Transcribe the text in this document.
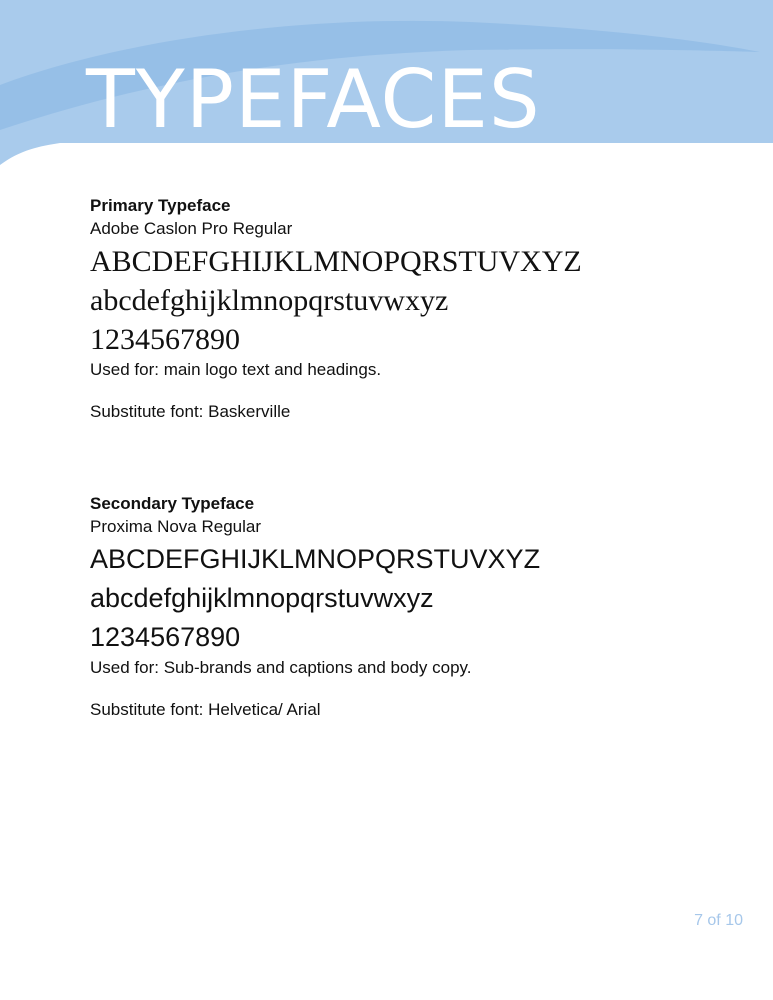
TYPEFACES

Primary Typeface

Adobe Caslon Pro Regular

ABCDEFGHIJKLMNOPQRSTUVXYZ

abcdefghijklmnopqrstuvwxyz

1234567890

Used for: main logo text and headings.

Substitute font: Baskerville

Secondary Typeface

Proxima Nova Regular

ABCDEFGHIJKLMNOPQRSTUVXYZ

abcdefghijklmnopqrstuvwxyz

1234567890

Used for: Sub-brands and captions and body copy.

Substitute font: Helvetica/ Arial

7 of 10
